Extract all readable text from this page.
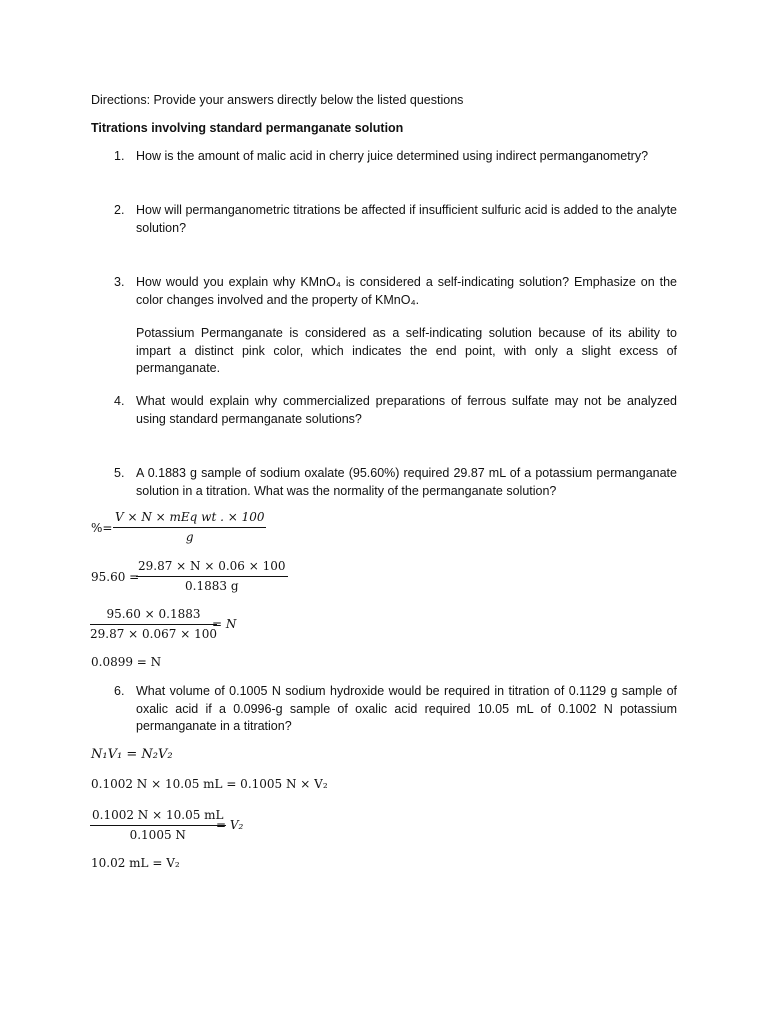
Directions: Provide your answers directly below the listed questions
Titrations involving standard permanganate solution
1. How is the amount of malic acid in cherry juice determined using indirect permanganometry?
2. How will permanganometric titrations be affected if insufficient sulfuric acid is added to the analyte solution?
3. How would you explain why KMnO₄ is considered a self-indicating solution? Emphasize on the color changes involved and the property of KMnO₄.
Potassium Permanganate is considered as a self-indicating solution because of its ability to impart a distinct pink color, which indicates the end point, with only a slight excess of permanganate.
4. What would explain why commercialized preparations of ferrous sulfate may not be analyzed using standard permanganate solutions?
5. A 0.1883 g sample of sodium oxalate (95.60%) required 29.87 mL of a potassium permanganate solution in a titration. What was the normality of the permanganate solution?
%=
V × N × mEq wt . × 100
g
95.60 =
$\frac{29.87 \times N \times 0.06 \times 100}{0.1883 g}$
$\frac{95.60 \times 0.1883}{29.87 \times 0.067 \times 100}$
= N
0.0899 = N
6. What volume of 0.1005 N sodium hydroxide would be required in titration of 0.1129 g sample of oxalic acid if a 0.0996-g sample of oxalic acid required 10.05 mL of 0.1002 N potassium permanganate in a titration?
N₁V₁ = N₂V₂
0.1002 N × 10.05 mL = 0.1005 N × V₂
$\frac{0.1002 N \times 10.05 mL}{0.1005 N}$
= V₂
10.02 mL = V₂
